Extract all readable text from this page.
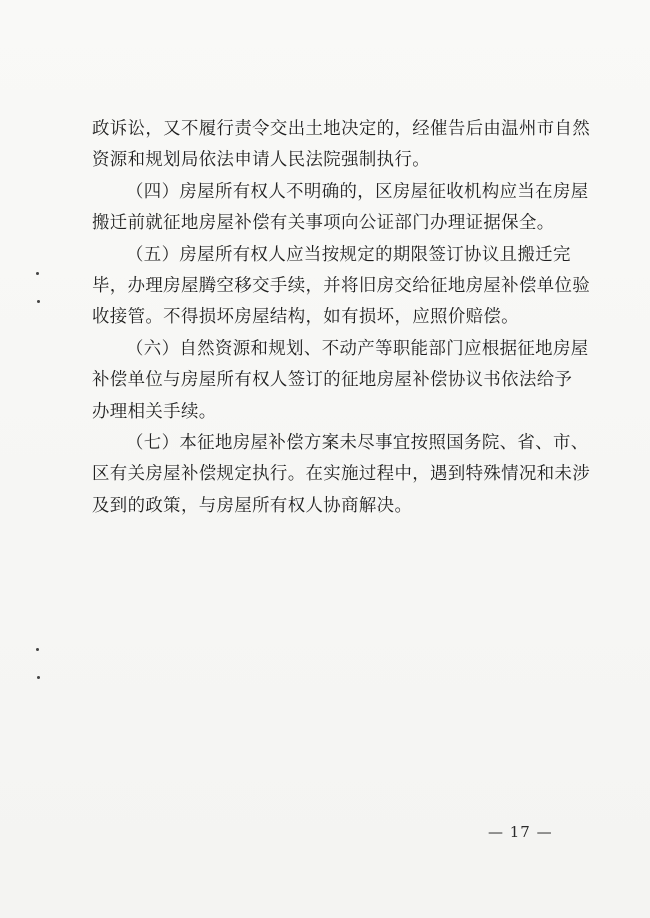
政诉讼，又不履行责令交出土地决定的，经催告后由温州市自然
资源和规划局依法申请人民法院强制执行。
（四）房屋所有权人不明确的，区房屋征收机构应当在房屋
搬迁前就征地房屋补偿有关事项向公证部门办理证据保全。
（五）房屋所有权人应当按规定的期限签订协议且搬迁完
毕，办理房屋腾空移交手续，并将旧房交给征地房屋补偿单位验
收接管。不得损坏房屋结构，如有损坏，应照价赔偿。
（六）自然资源和规划、不动产等职能部门应根据征地房屋
补偿单位与房屋所有权人签订的征地房屋补偿协议书依法给予
办理相关手续。
（七）本征地房屋补偿方案未尽事宜按照国务院、省、市、
区有关房屋补偿规定执行。在实施过程中，遇到特殊情况和未涉
及到的政策，与房屋所有权人协商解决。
— 17 —
